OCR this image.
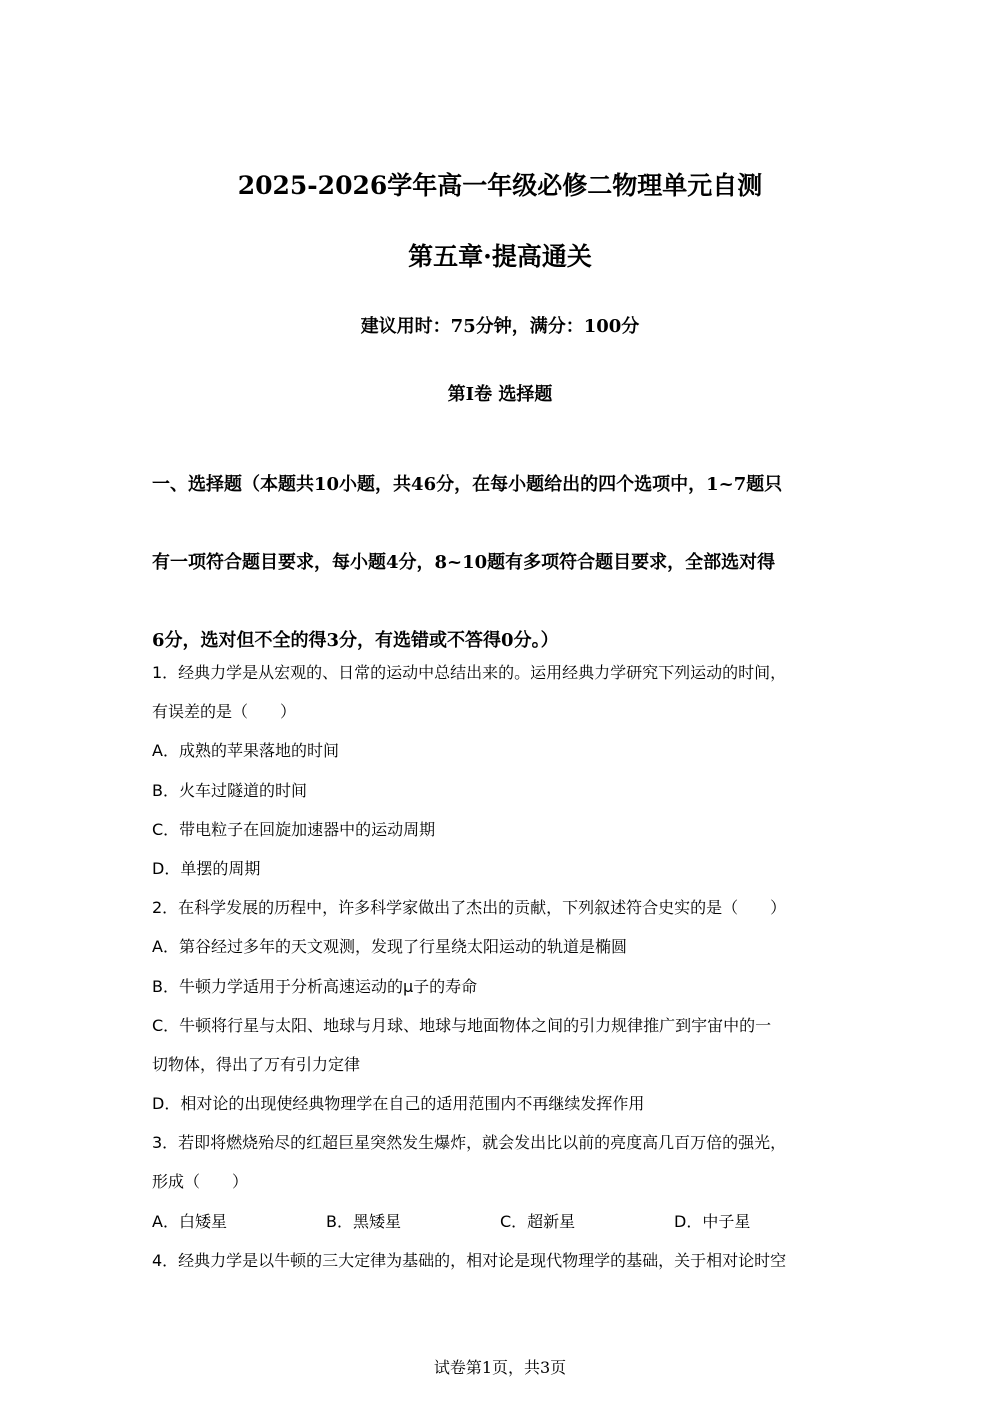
2025-2026学年高一年级必修二物理单元自测
第五章·提高通关
建议用时：75分钟，满分：100分
第Ⅰ卷 选择题
一、选择题（本题共10小题，共46分，在每小题给出的四个选项中，1~7题只
有一项符合题目要求，每小题4分，8~10题有多项符合题目要求，全部选对得
6分，选对但不全的得3分，有选错或不答得0分。）
1．经典力学是从宏观的、日常的运动中总结出来的。运用经典力学研究下列运动的时间，
有误差的是（　　）
A．成熟的苹果落地的时间
B．火车过隧道的时间
C．带电粒子在回旋加速器中的运动周期
D．单摆的周期
2．在科学发展的历程中，许多科学家做出了杰出的贡献，下列叙述符合史实的是（　　）
A．第谷经过多年的天文观测，发现了行星绕太阳运动的轨道是椭圆
B．牛顿力学适用于分析高速运动的μ子的寿命
C．牛顿将行星与太阳、地球与月球、地球与地面物体之间的引力规律推广到宇宙中的一
切物体，得出了万有引力定律
D．相对论的出现使经典物理学在自己的适用范围内不再继续发挥作用
3．若即将燃烧殆尽的红超巨星突然发生爆炸，就会发出比以前的亮度高几百万倍的强光，
形成（　　）
A．白矮星	B．黑矮星	C．超新星	D．中子星
4．经典力学是以牛顿的三大定律为基础的，相对论是现代物理学的基础，关于相对论时空
试卷第1页，共3页
